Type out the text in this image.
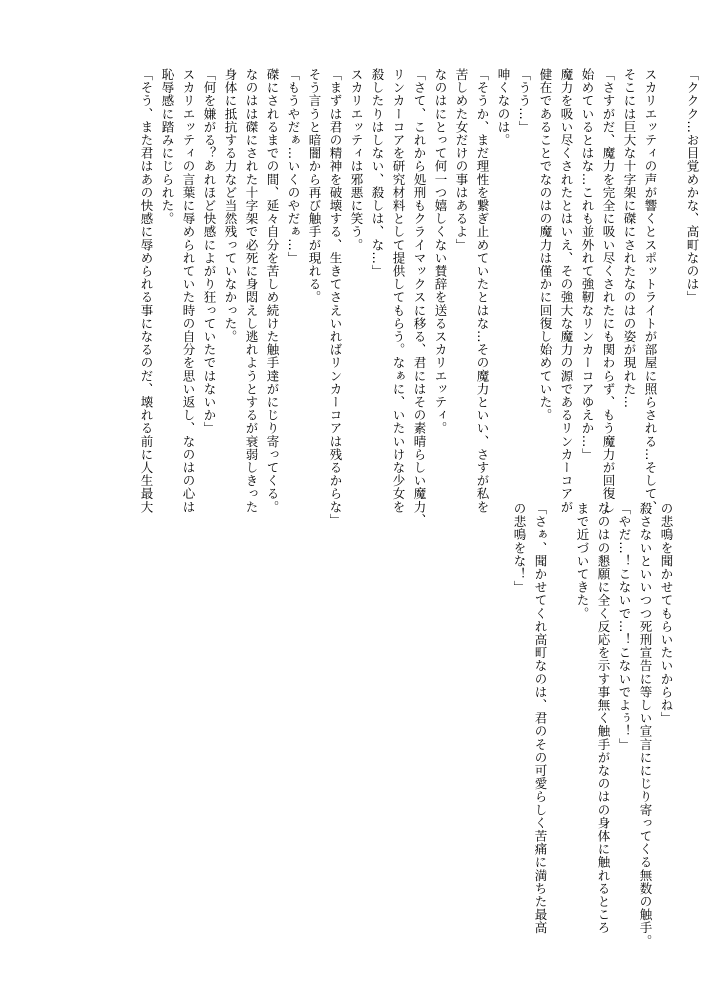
「ククク…お目覚めかな、高町なのは」
スカリエッティの声が響くとスポットライトが部屋に照らされる…そして、
そこには巨大な十字架に磔にされたなのはの姿が現れた…
「さすがだ、魔力を完全に吸い尽くされたにも関わらず、もう魔力が回復し
始めているとはな…これも並外れて強靭なリンカーコアゆえか…」
魔力を吸い尽くされたとはいえ、その強大な魔力の源であるリンカーコアが
健在であることでなのはの魔力は僅かに回復し始めていた。
「うう…」
呻くなのは。
「そうか、まだ理性を繋ぎ止めていたとはな…その魔力といい、さすが私を
苦しめた女だけの事はあるよ」
なのはにとって何一つ嬉しくない賛辞を送るスカリエッティ。
「さて、これから処刑もクライマックスに移る、君にはその素晴らしい魔力、
リンカーコアを研究材料として提供してもらう。なぁに、いたいけな少女を
殺したりはしない、殺しは、な…」
スカリエッティは邪悪に笑う。
「まずは君の精神を破壊する、生きてさえいればリンカーコアは残るからな」
そう言うと暗闇から再び触手が現れる。
「もうやだぁ…いくのやだぁ…」
磔にされるまでの間、延々自分を苦しめ続けた触手達がにじり寄ってくる。
なのはは磔にされた十字架で必死に身悶えし逃れようとするが衰弱しきった
身体に抵抗する力など当然残っていなかった。
「何を嫌がる？あれほど快感によがり狂っていたではないか」
スカリエッティの言葉に辱められていた時の自分を思い返し、なのはの心は
恥辱感に踏みにじられた。
「そう、また君はあの快感に辱められる事になるのだ、壊れる前に人生最大
の悲鳴を聞かせてもらいたいからね」
殺さないといいつつ死刑宣告に等しい宣言ににじり寄ってくる無数の触手。
「やだ…！こないで…！こないでよぅ！」
なのはの懇願に全く反応を示す事無く触手がなのはの身体に触れるところ
まで近づいてきた。
「さぁ、聞かせてくれ高町なのは、君のその可愛らしく苦痛に満ちた最高
の悲鳴をな！」
